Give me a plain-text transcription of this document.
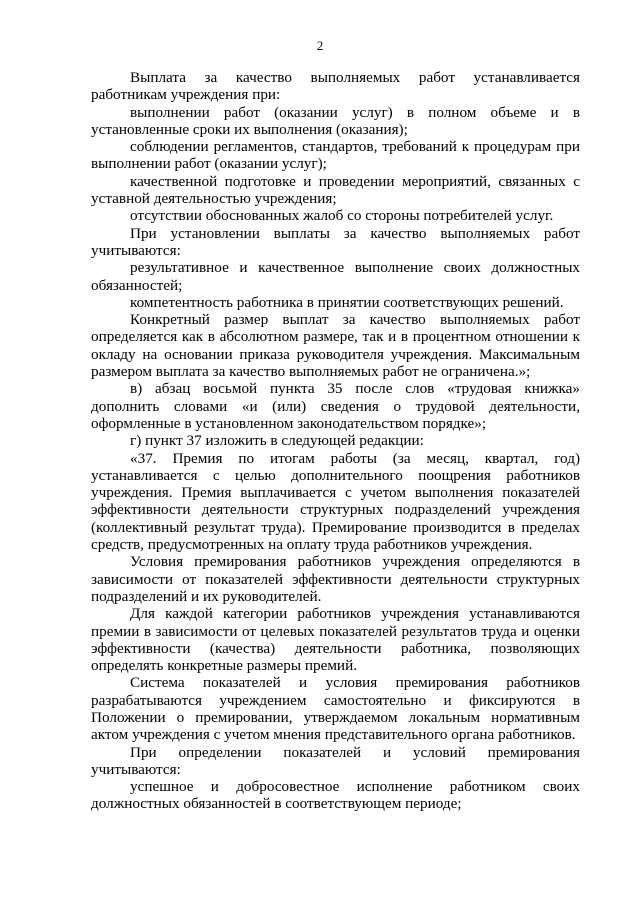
2

Выплата за качество выполняемых работ устанавливается работникам учреждения при:

выполнении работ (оказании услуг) в полном объеме и в установленные сроки их выполнения (оказания);

соблюдении регламентов, стандартов, требований к процедурам при выполнении работ (оказании услуг);

качественной подготовке и проведении мероприятий, связанных с уставной деятельностью учреждения;

отсутствии обоснованных жалоб со стороны потребителей услуг.

При установлении выплаты за качество выполняемых работ учитываются:

результативное и качественное выполнение своих должностных обязанностей;

компетентность работника в принятии соответствующих решений.

Конкретный размер выплат за качество выполняемых работ определяется как в абсолютном размере, так и в процентном отношении к окладу на основании приказа руководителя учреждения. Максимальным размером выплата за качество выполняемых работ не ограничена.»;

в) абзац восьмой пункта 35 после слов «трудовая книжка» дополнить словами «и (или) сведения о трудовой деятельности, оформленные в установленном законодательством порядке»;

г) пункт 37 изложить в следующей редакции:

«37. Премия по итогам работы (за месяц, квартал, год) устанавливается с целью дополнительного поощрения работников учреждения. Премия выплачивается с учетом выполнения показателей эффективности деятельности структурных подразделений учреждения (коллективный результат труда). Премирование производится в пределах средств, предусмотренных на оплату труда работников учреждения.

Условия премирования работников учреждения определяются в зависимости от показателей эффективности деятельности структурных подразделений и их руководителей.

Для каждой категории работников учреждения устанавливаются премии в зависимости от целевых показателей результатов труда и оценки эффективности (качества) деятельности работника, позволяющих определять конкретные размеры премий.

Система показателей и условия премирования работников разрабатываются учреждением самостоятельно и фиксируются в Положении о премировании, утверждаемом локальным нормативным актом учреждения с учетом мнения представительного органа работников.

При определении показателей и условий премирования учитываются:

успешное и добросовестное исполнение работником своих должностных обязанностей в соответствующем периоде;
